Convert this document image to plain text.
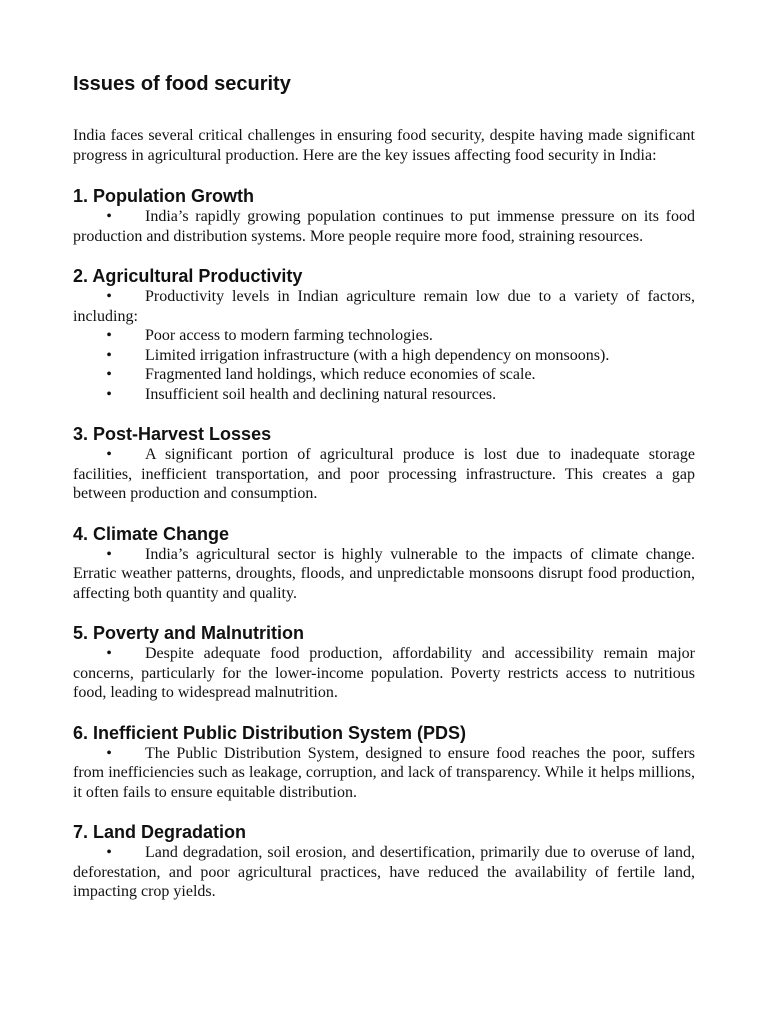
Issues of food security

India faces several critical challenges in ensuring food security, despite having made significant progress in agricultural production. Here are the key issues affecting food security in India:

1. Population Growth

• India’s rapidly growing population continues to put immense pressure on its food production and distribution systems. More people require more food, straining resources.

2. Agricultural Productivity

• Productivity levels in Indian agriculture remain low due to a variety of factors, including:

•	Poor access to modern farming technologies.
•	Limited irrigation infrastructure (with a high dependency on monsoons).
•	Fragmented land holdings, which reduce economies of scale.
•	Insufficient soil health and declining natural resources.
3. Post-Harvest Losses

• A significant portion of agricultural produce is lost due to inadequate storage facilities, inefficient transportation, and poor processing infrastructure. This creates a gap between production and consumption.

4. Climate Change

• India’s agricultural sector is highly vulnerable to the impacts of climate change. Erratic weather patterns, droughts, floods, and unpredictable monsoons disrupt food production, affecting both quantity and quality.

5. Poverty and Malnutrition

• Despite adequate food production, affordability and accessibility remain major concerns, particularly for the lower-income population. Poverty restricts access to nutritious food, leading to widespread malnutrition.

6. Inefficient Public Distribution System (PDS)

• The Public Distribution System, designed to ensure food reaches the poor, suffers from inefficiencies such as leakage, corruption, and lack of transparency. While it helps millions, it often fails to ensure equitable distribution.

7. Land Degradation

• Land degradation, soil erosion, and desertification, primarily due to overuse of land, deforestation, and poor agricultural practices, have reduced the availability of fertile land, impacting crop yields.
